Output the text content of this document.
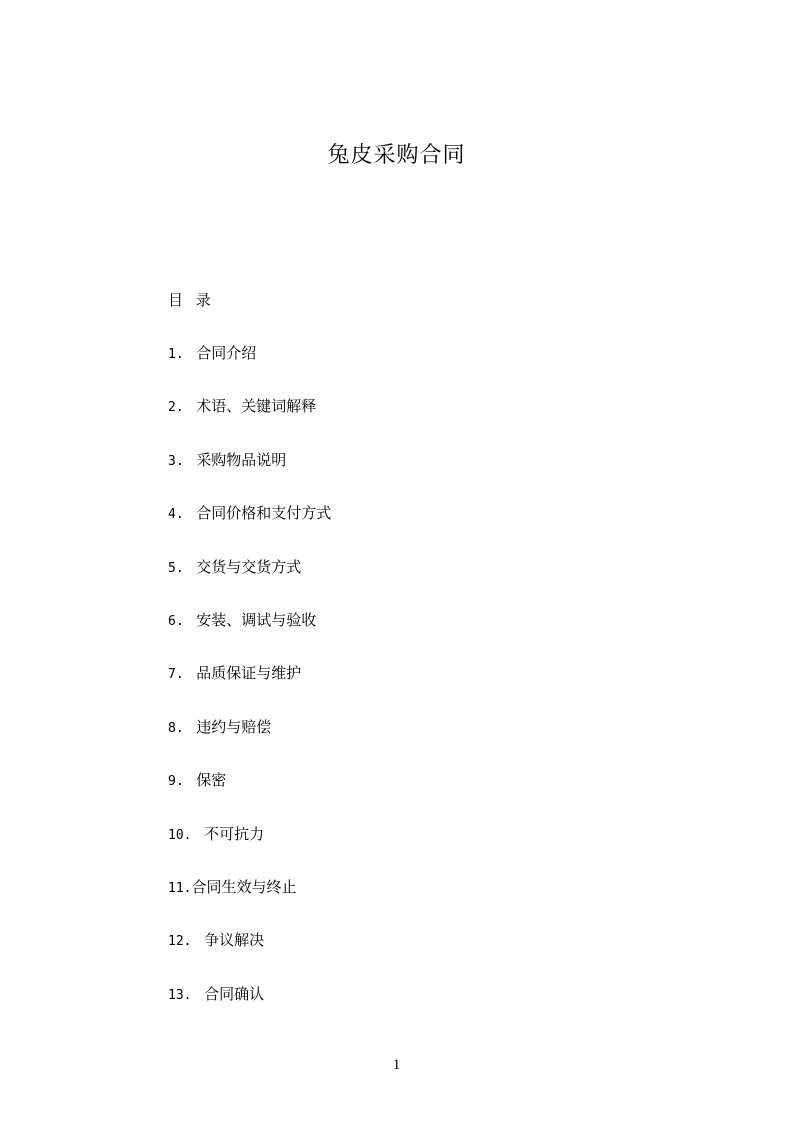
兔皮采购合同
目 录
1.  合同介绍
2.  术语、关键词解释
3.  采购物品说明
4.  合同价格和支付方式
5.  交货与交货方式
6.  安装、调试与验收
7.  品质保证与维护
8.  违约与赔偿
9.  保密
10.  不可抗力
11.合同生效与终止
12.  争议解决
13.  合同确认
1
